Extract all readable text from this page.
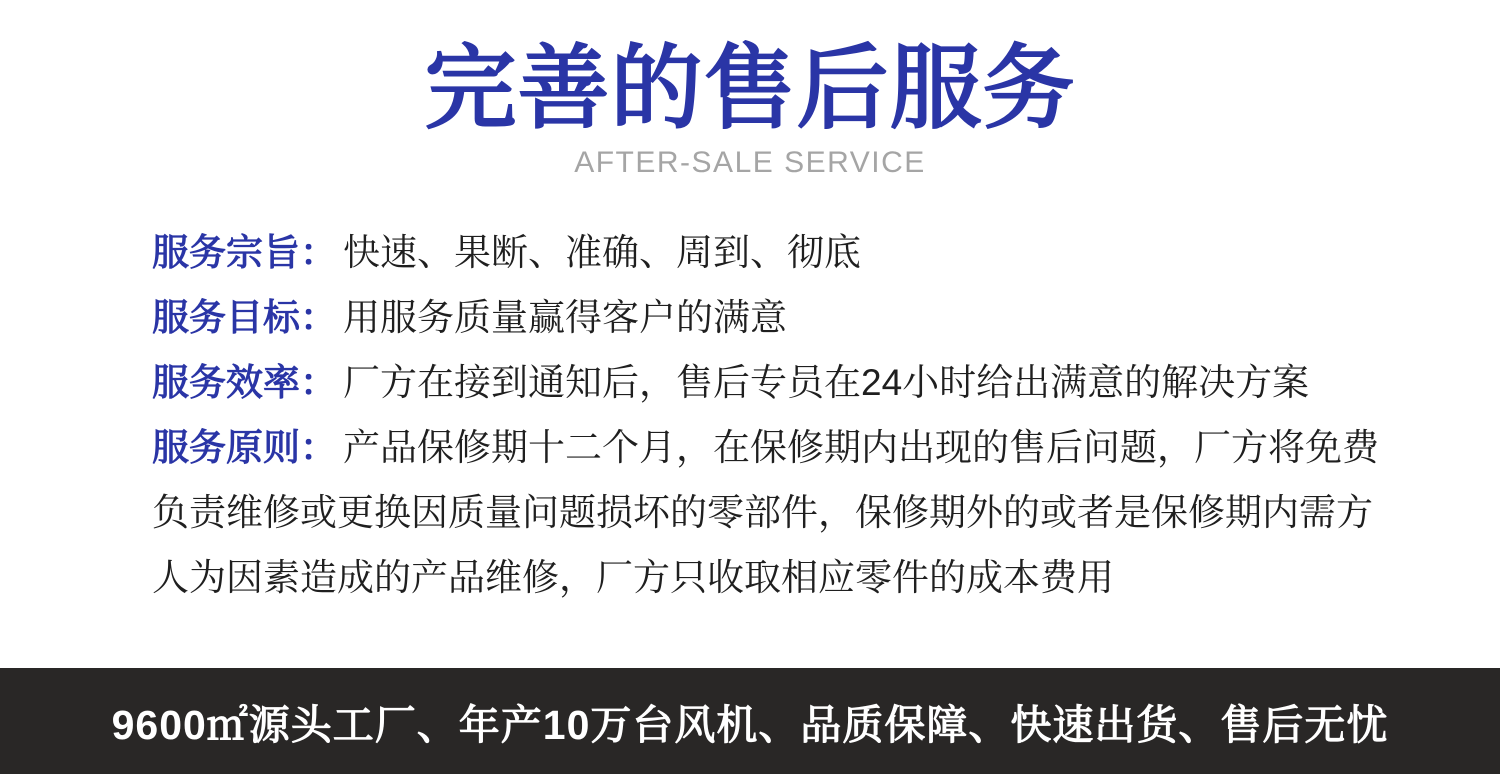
完善的售后服务
AFTER-SALE SERVICE
服务宗旨： 快速、果断、准确、周到、彻底
服务目标： 用服务质量赢得客户的满意
服务效率： 厂方在接到通知后，售后专员在24小时给出满意的解决方案
服务原则： 产品保修期十二个月，在保修期内出现的售后问题，厂方将免费
负责维修或更换因质量问题损坏的零部件，保修期外的或者是保修期内需方
人为因素造成的产品维修，厂方只收取相应零件的成本费用
9600㎡源头工厂、年产10万台风机、品质保障、快速出货、售后无忧
